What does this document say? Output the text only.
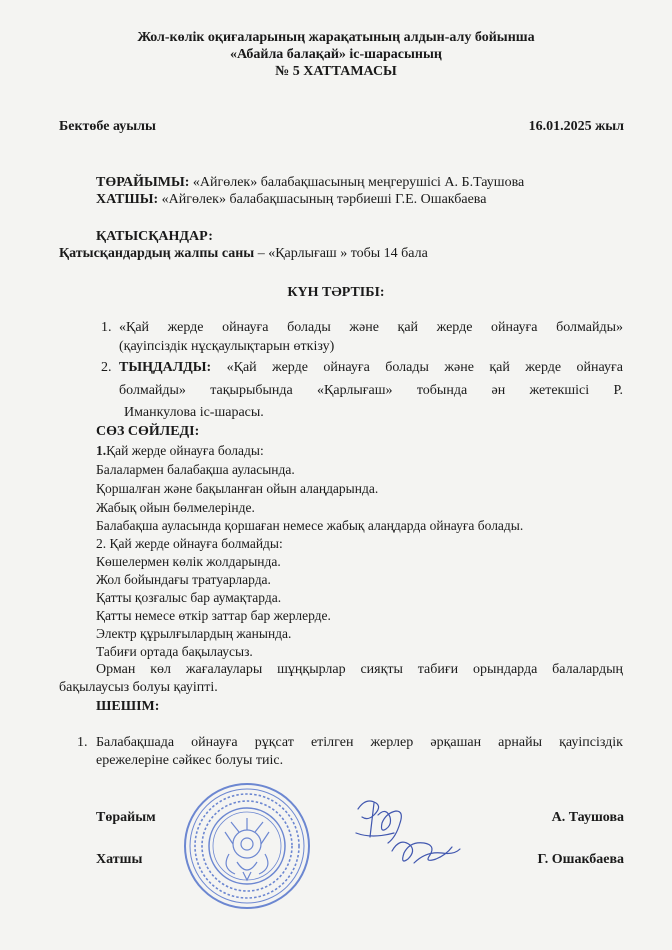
Жол-көлік оқиғаларының жарақатының алдын-алу бойынша
«Абайла балақай» іс-шарасының
№ 5 ХАТТАМАСЫ
Бектөбе ауылы	16.01.2025 жыл
ТӨРАЙЫМЫ: «Айгөлек» балабақшасының меңгерушісі А. Б.Таушова
ХАТШЫ: «Айгөлек» балабақшасының тәрбиеші Г.Е. Ошакбаева
ҚАТЫСҚАНДАР:
Қатысқандардың жалпы саны – «Қарлығаш » тобы 14 бала
КҮН ТӘРТІБІ:
1. «Қай жерде ойнауға болады және қай жерде ойнауға болмайды»
(қауіпсіздік нұсқаулықтарын өткізу)
2. ТЫҢДАЛДЫ: «Қай жерде ойнауға болады және қай жерде ойнауға
болмайды» тақырыбында «Қарлығаш» тобында ән жетекшісі Р.
Иманкулова іс-шарасы.
СӨЗ СӨЙЛЕДІ:
1.Қай жерде ойнауға болады:
Балалармен балабақша ауласында.
Қоршалған және бақыланған ойын алаңдарында.
Жабық ойын бөлмелерінде.
Балабақша ауласында қоршаған немесе жабық алаңдарда ойнауға болады.
2. Қай жерде ойнауға болмайды:
Көшелермен көлік жолдарында.
Жол бойындағы тратуарларда.
Қатты қозғалыс бар аумақтарда.
Қатты немесе өткір заттар бар жерлерде.
Электр құрылғылардың жанында.
Табиғи ортада бақылаусыз.
Орман көл жағалаулары шұңқырлар сияқты табиғи орындарда балалардың
бақылаусыз болуы қауіпті.
ШЕШІМ:
1. Балабақшада ойнауға рұқсат етілген жерлер әрқашан арнайы қауіпсіздік
ережелеріне сәйкес болуы тиіс.
Төрайым	А. Таушова
Хатшы	Г. Ошакбаева
